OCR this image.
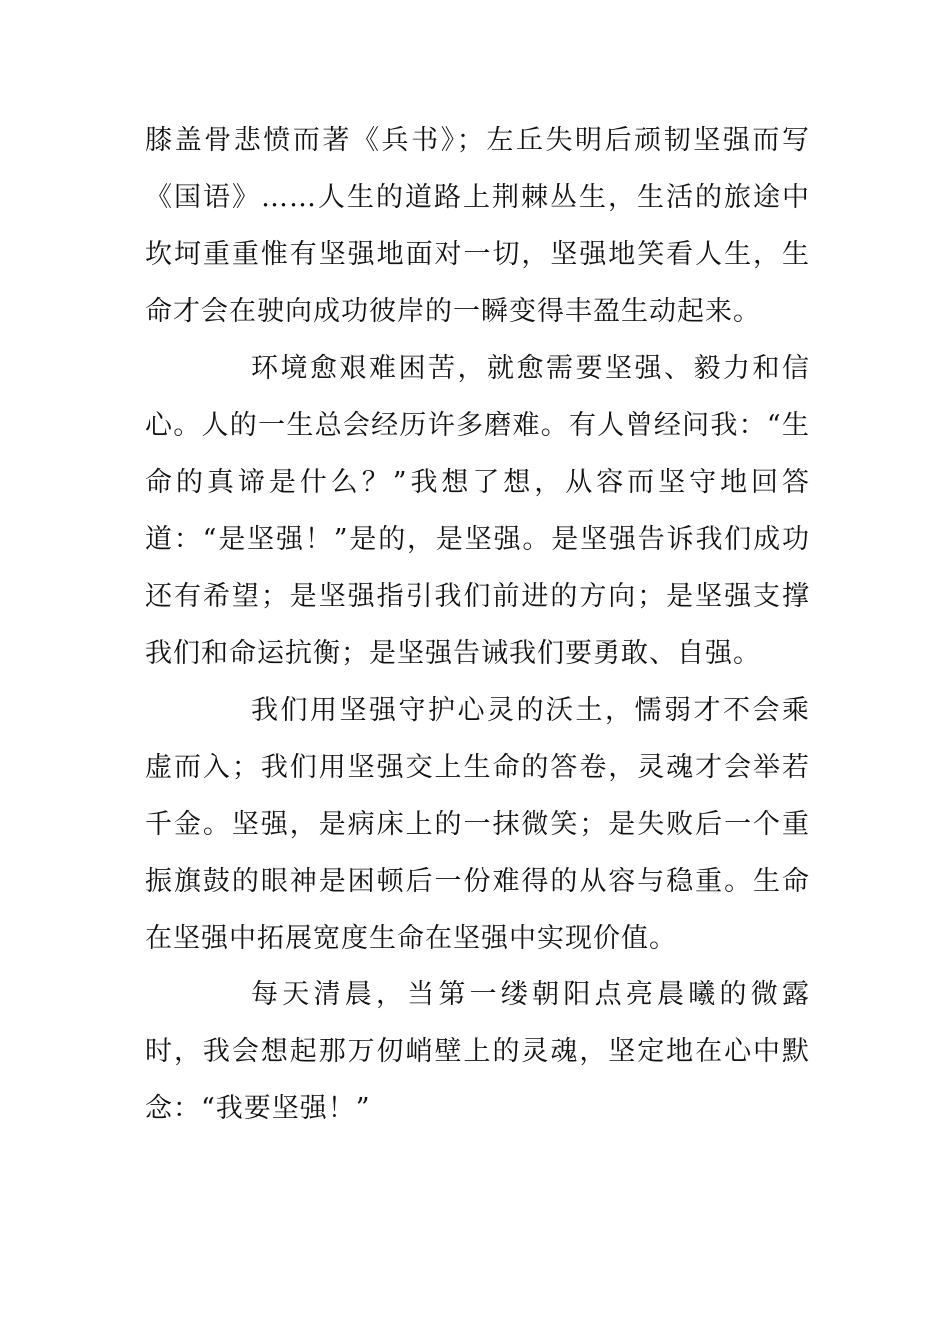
膝盖骨悲愤而著《兵书》；左丘失明后顽韧坚强而写《国语》……人生的道路上荆棘丛生，生活的旅途中坎坷重重惟有坚强地面对一切，坚强地笑看人生，生命才会在驶向成功彼岸的一瞬变得丰盈生动起来。

环境愈艰难困苦，就愈需要坚强、毅力和信心。人的一生总会经历许多磨难。有人曾经问我：“生命的真谛是什么？”我想了想，从容而坚守地回答道：“是坚强！”是的，是坚强。是坚强告诉我们成功还有希望；是坚强指引我们前进的方向；是坚强支撑我们和命运抗衡；是坚强告诫我们要勇敢、自强。

我们用坚强守护心灵的沃土，懦弱才不会乘虚而入；我们用坚强交上生命的答卷，灵魂才会举若千金。坚强，是病床上的一抹微笑；是失败后一个重振旗鼓的眼神是困顿后一份难得的从容与稳重。生命在坚强中拓展宽度生命在坚强中实现价值。

每天清晨，当第一缕朝阳点亮晨曦的微露时，我会想起那万仞峭壁上的灵魂，坚定地在心中默念：“我要坚强！”
